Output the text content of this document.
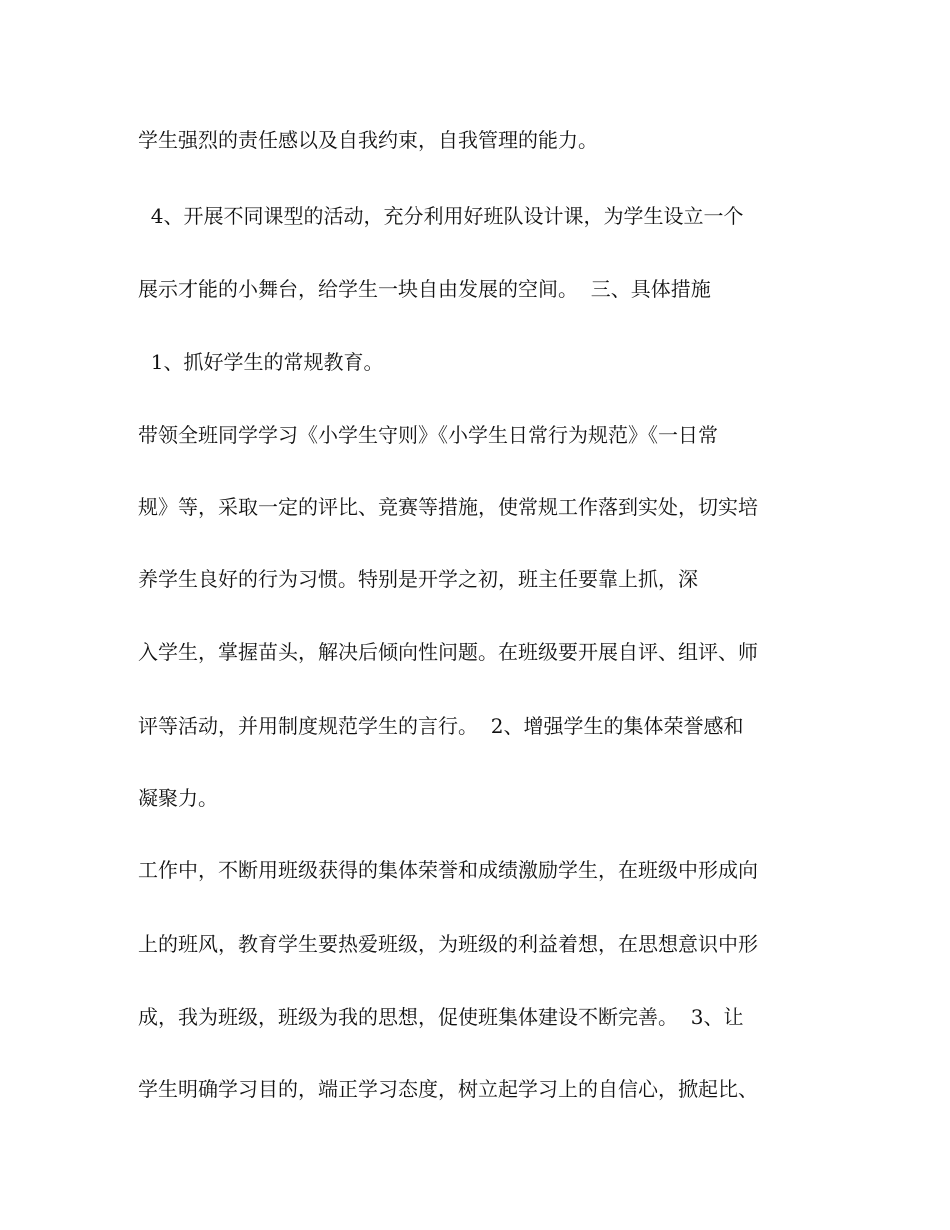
学生强烈的责任感以及自我约束，自我管理的能力。
4、开展不同课型的活动，充分利用好班队设计课，为学生设立一个
展示才能的小舞台，给学生一块自由发展的空间。  三、具体措施
1、抓好学生的常规教育。
带领全班同学学习《小学生守则》《小学生日常行为规范》《一日常
规》等，采取一定的评比、竞赛等措施，使常规工作落到实处，切实培
养学生良好的行为习惯。特别是开学之初，班主任要靠上抓，深
入学生，掌握苗头，解决后倾向性问题。在班级要开展自评、组评、师
评等活动，并用制度规范学生的言行。  2、增强学生的集体荣誉感和
凝聚力。
工作中，不断用班级获得的集体荣誉和成绩激励学生，在班级中形成向
上的班风，教育学生要热爱班级，为班级的利益着想，在思想意识中形
成，我为班级，班级为我的思想，促使班集体建设不断完善。  3、让
学生明确学习目的，端正学习态度，树立起学习上的自信心，掀起比、
